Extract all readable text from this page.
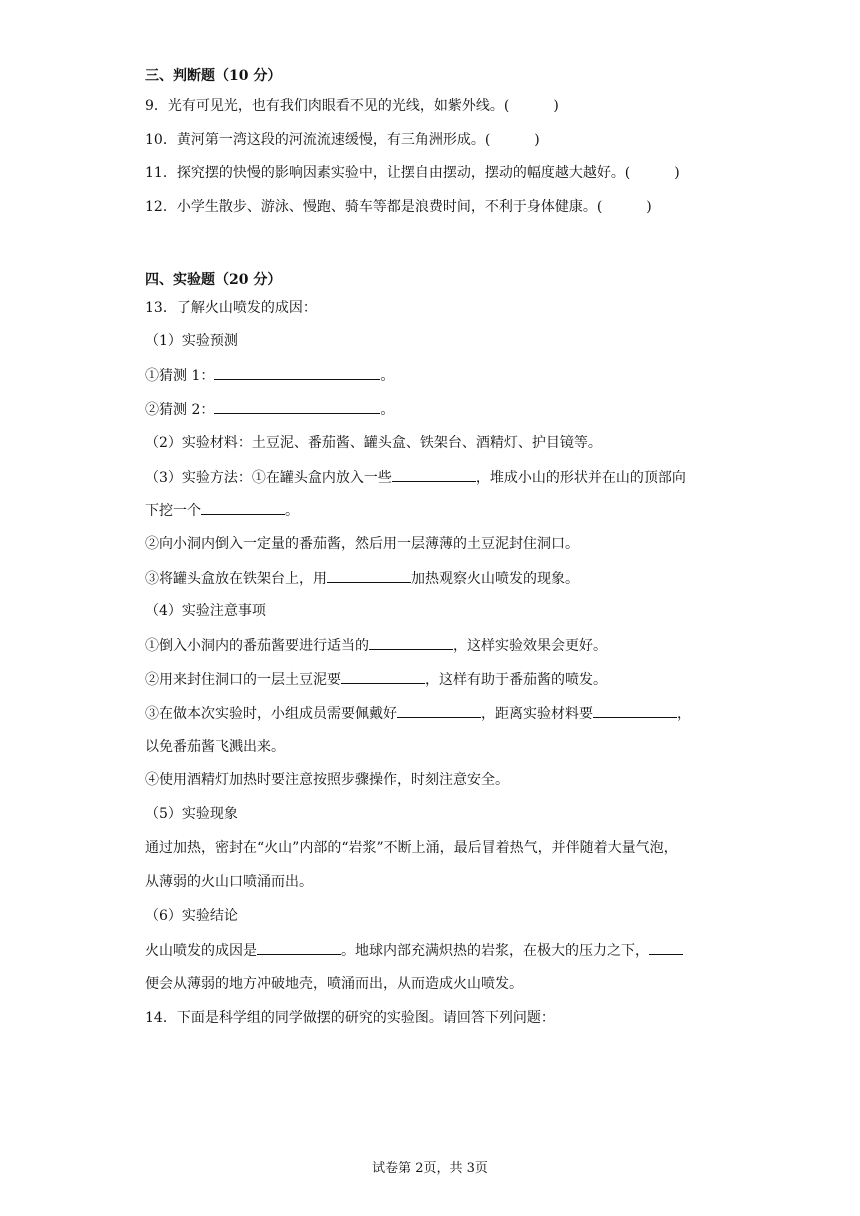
三、判断题（10 分）
9．光有可见光，也有我们肉眼看不见的光线，如紫外线。(	)
10．黄河第一湾这段的河流流速缓慢，有三角洲形成。(	)
11．探究摆的快慢的影响因素实验中，让摆自由摆动，摆动的幅度越大越好。(	)
12．小学生散步、游泳、慢跑、骑车等都是浪费时间，不利于身体健康。(	)
四、实验题（20 分）
13．了解火山喷发的成因：
（1）实验预测
①猜测 1：	。
②猜测 2：	。
（2）实验材料：土豆泥、番茄酱、罐头盒、铁架台、酒精灯、护目镜等。
（3）实验方法：①在罐头盒内放入一些	，堆成小山的形状并在山的顶部向
下挖一个	。
②向小洞内倒入一定量的番茄酱，然后用一层薄薄的土豆泥封住洞口。
③将罐头盒放在铁架台上，用	加热观察火山喷发的现象。
（4）实验注意事项
①倒入小洞内的番茄酱要进行适当的	，这样实验效果会更好。
②用来封住洞口的一层土豆泥要	，这样有助于番茄酱的喷发。
③在做本次实验时，小组成员需要佩戴好	，距离实验材料要	，
以免番茄酱飞溅出来。
④使用酒精灯加热时要注意按照步骤操作，时刻注意安全。
（5）实验现象
通过加热，密封在“火山”内部的“岩浆”不断上涌，最后冒着热气，并伴随着大量气泡，
从薄弱的火山口喷涌而出。
（6）实验结论
火山喷发的成因是	。地球内部充满炽热的岩浆，在极大的压力之下，
便会从薄弱的地方冲破地壳，喷涌而出，从而造成火山喷发。
14．下面是科学组的同学做摆的研究的实验图。请回答下列问题：
试卷第 2页，共 3页
